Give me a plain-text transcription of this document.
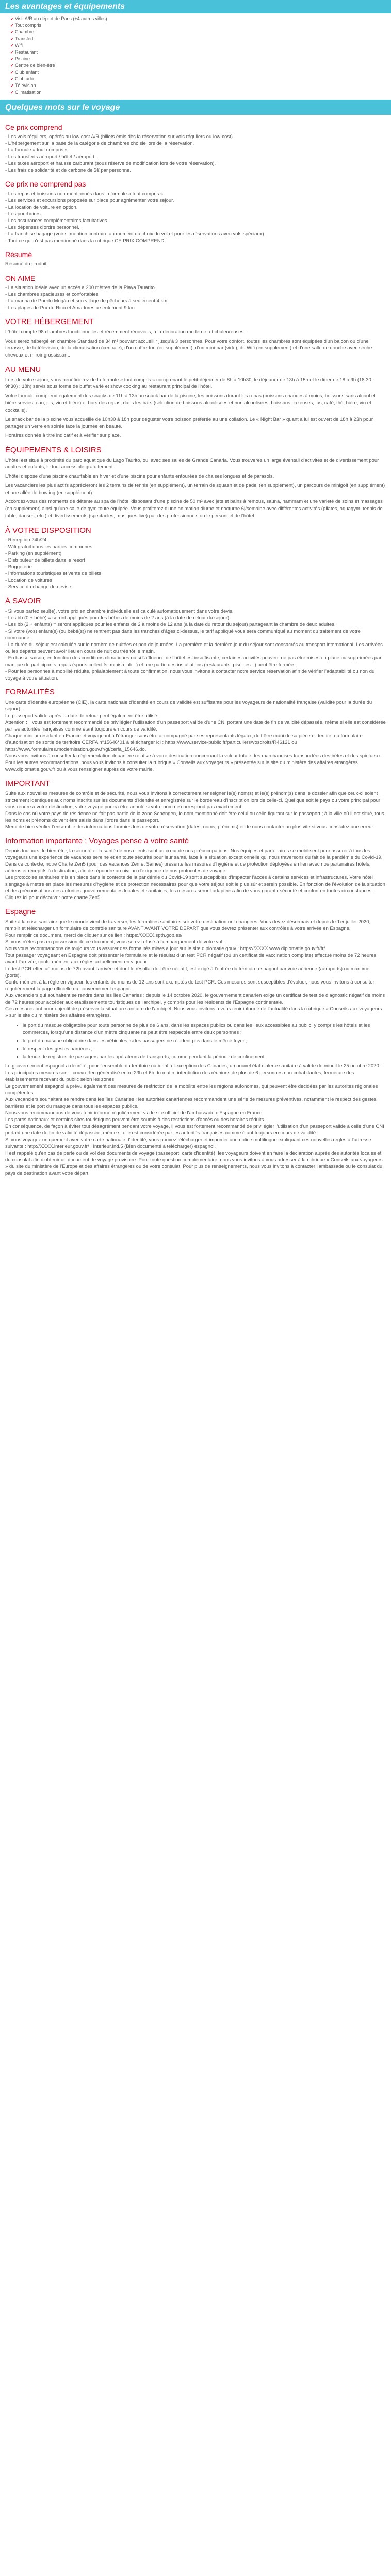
Les avantages et équipements
✔ Visit A/R au départ de Paris (+4 autres villes)
✔ Tout compris
✔ Chambre
✔ Transfert
✔ Wifi
✔ Restaurant
✔ Piscine
✔ Centre de bien-être
✔ Club enfant
✔ Club ado
✔ Télévision
✔ Climatisation
Quelques mots sur le voyage
Ce prix comprend
- Les vols réguliers, opérés au low cost A/R (billets émis dès la réservation sur vols réguliers ou low-cost).
- L'hébergement sur la base de la catégorie de chambres choisie lors de la réservation.
- La formule « tout compris ».
- Les transferts aéroport / hôtel / aéroport.
- Les taxes aéroport et hausse carburant (sous réserve de modification lors de votre réservation).
- Les frais de solidarité et de carbone de 3€ par personne.
Ce prix ne comprend pas
- Les repas et boissons non mentionnés dans la formule « tout compris ».
- Les services et excursions proposés sur place pour agrémenter votre séjour.
- La location de voiture en option.
- Les pourboires.
- Les assurances complémentaires facultatives.
- Les dépenses d'ordre personnel.
- La franchise bagage (voir si mention contraire au moment du choix du vol et pour les réservations avec vols spéciaux).
- Tout ce qui n'est pas mentionné dans la rubrique CE PRIX COMPREND.
Résumé

Résumé du produit

ON AIME
- La situation idéale avec un accès à 200 mètres de la Playa Tauarito.
- Les chambres spacieuses et confortables
- La marina de Puerto Mogán et son village de pêcheurs à seulement 4 km
- Les plages de Puerto Rico et Amadores à seulement 9 km
VOTRE HÉBERGEMENT

L'hôtel compte 98 chambres fonctionnelles et récemment rénovées, à la décoration moderne, et chaleureuses.

Vous serez hébergé en chambre Standard de 34 m² pouvant accueillir jusqu'à 3 personnes. Pour votre confort, toutes les chambres sont équipées d'un balcon ou d'une terrasse, de la télévision, de la climatisation (centrale), d'un coffre-fort (en supplément), d'un mini-bar (vide), du Wifi (en supplément) et d'une salle de douche avec sèche-cheveux et miroir grossissant.

AU MENU

Lors de votre séjour, vous bénéficierez de la formule « tout compris » comprenant le petit-déjeuner de 8h à 10h30, le déjeuner de 13h à 15h et le dîner de 18 à 9h (18:30 - 9h30) ; 18h) servis sous forme de buffet varié et show cooking au restaurant principal de l'hôtel.

Votre formule comprend également des snacks de 11h à 13h au snack bar de la piscine, les boissons durant les repas (boissons chaudes à moins, boissons sans alcool et bière servies, eau, jus, vin et bière) et hors des repas, dans les bars (sélection de boissons alcoolisées et non alcoolisées, boissons gazeuses, jus, café, thé, bière, vin et cocktails).

Le snack bar de la piscine vous accueille de 10h30 à 18h pour déguster votre boisson préférée au une collation. Le « Night Bar » quant à lui est ouvert de 18h à 23h pour partager un verre en soirée face la journée en beauté.

Horaires donnés à titre indicatif et à vérifier sur place.

ÉQUIPEMENTS & LOISIRS

L'hôtel est situé à proximité du parc aquatique du Lago Taurito, oui avec ses salles de Grande Canaria. Vous trouverez un large éventail d'activités et de divertissement pour adultes et enfants, le tout accessible gratuitement.

L'hôtel dispose d'une piscine chauffable en hiver et d'une piscine pour enfants entourées de chaises longues et de parasols.

Les vacanciers les plus actifs apprécieront les 2 terrains de tennis (en supplément), un terrain de squash et de padel (en supplément), un parcours de minigolf (en supplément) et une allée de bowling (en supplément).

Accordez-vous des moments de détente au spa de l'hôtel disposant d'une piscine de 50 m² avec jets et bains à remous, sauna, hammam et une variété de soins et massages (en supplément) ainsi qu'une salle de gym toute équipée. Vous profiterez d'une animation diurne et nocturne 6j/semaine avec différentes activités (pilates, aquagym, tennis de table, danses, etc.) et divertissements (spectacles, musiques live) par des professionnels ou le personnel de l'hôtel.

À VOTRE DISPOSITION
- Réception 24h/24
- Wifi gratuit dans les parties communes
- Parking (en supplément)
- Distributeur de billets dans le resort
- Boggeterie
- Informations touristiques et vente de billets
- Location de voitures
- Service du change de devise
À SAVOIR
- Si vous partez seul(e), votre prix en chambre individuelle est calculé automatiquement dans votre devis.
- Les bb (0 + bébé) = seront appliqués pour les bébés de moins de 2 ans (à la date de retour du séjour).
- Les bb (2 + enfants) = seront appliqués pour les enfants de 2 à moins de 12 ans (à la date du retour du séjour) partageant la chambre de deux adultes.
- Si votre (vos) enfant(s) (ou bébé(s)) ne rentrent pas dans les tranches d'âges ci-dessus, le tarif appliqué vous sera communiqué au moment du traitement de votre commande.
- La durée du séjour est calculée sur le nombre de nuitées et non de journées. La première et la dernière jour du séjour sont consacrés au transport international. Les arrivées ou les départs peuvent avoir lieu en cours de nuit ou très tôt le matin.
- En basse saison, en fonction des conditions climatiques ou si l'affluence de l'hôtel est insuffisante, certaines activités peuvent ne pas être mises en place ou supprimées par manque de participants requis (sports collectifs, minis-club...) et une partie des installations (restaurants, piscines...) peut être fermée.
- Pour les personnes à mobilité réduite, préalablement à toute confirmation, nous vous invitons à contacter notre service réservation afin de vérifier l'adaptabilité ou non du voyage à votre situation.
FORMALITÉS
Une carte d'identité européenne (CIE), la carte nationale d'identité en cours de validité est suffisante pour les voyageurs de nationalité française (validité pour la durée du séjour).
Le passeport valide après la date de retour peut également être utilisé.
Attention : il vous est fortement recommandé de privilégier l'utilisation d'un passeport valide d'une CNI portant une date de fin de validité dépassée, même si elle est considérée par les autorités françaises comme étant toujours en cours de validité.
Chaque mineur résidant en France et voyageant à l'étranger sans être accompagné par ses représentants légaux, doit être muni de sa pièce d'identité, du formulaire d'autorisation de sortie de territoire CERFA n°15646*01 à télécharger ici : https://www.service-public.fr/particuliers/vosdroits/R46121 ou https://www.formulaires.modernisation.gouv.fr/gf/cerfa_15646.do.
Nous vous invitons à consulter la réglementation douanière relative à votre destination concernant la valeur totale des marchandises transportées des bêtes et des spiritueux.
Pour les autres recommandations, nous vous invitons à consulter la rubrique « Conseils aux voyageurs » présentée sur le site du ministère des affaires étrangères www.diplomatie.gouv.fr ou à vous renseigner auprès de votre mairie.
IMPORTANT
Suite aux nouvelles mesures de contrôle et de sécurité, nous vous invitons à correctement renseigner le(s) nom(s) et le(s) prénom(s) dans le dossier afin que ceux-ci soient strictement identiques aux noms inscrits sur les documents d'identité et enregistrés sur le bordereau d'inscription lors de celle-ci. Quel que soit le pays ou votre principal pour vous rendre à votre destination, votre voyage pourra être annulé si votre nom ne correspond pas exactement.
Dans le cas où votre pays de résidence ne fait pas partie de la zone Schengen, le nom mentionné doit être celui ou celle figurant sur le passeport ; à la ville où il est situé, tous les noms et prénoms doivent être saisis dans l'ordre dans le passeport.
Merci de bien vérifier l'ensemble des informations fournies lors de votre réservation (dates, noms, prénoms) et de nous contacter au plus vite si vous constatez une erreur.
Information importante : Voyages pense à votre santé
Depuis toujours, le bien-être, la sécurité et la santé de nos clients sont au cœur de nos préoccupations. Nos équipes et partenaires se mobilisent pour assurer à tous les voyageurs une expérience de vacances sereine et en toute sécurité pour leur santé, face à la situation exceptionnelle qui nous traversons du fait de la pandémie du Covid-19.
Dans ce contexte, notre Charte Zen5 (pour des vacances Zen et Saines) présente les mesures d'hygiène et de protection déployées en lien avec nos partenaires hôtels, aériens et réceptifs à destination, afin de répondre au niveau d'exigence de nos protocoles de voyage.
Les protocoles sanitaires mis en place dans le contexte de la pandémie du Covid-19 sont susceptibles d'impacter l'accès à certains services et infrastructures. Votre hôtel s'engage à mettre en place les mesures d'hygiène et de protection nécessaires pour que votre séjour soit le plus sûr et serein possible. En fonction de l'évolution de la situation et des préconisations des autorités gouvernementales locales et sanitaires, les mesures seront adaptées afin de vous garantir sécurité et confort en toutes circonstances.
Cliquez ici pour découvrir notre charte Zen5
Espagne
Suite à la crise sanitaire que le monde vient de traverser, les formalités sanitaires sur votre destination ont changées. Vous devez désormais et depuis le 1er juillet 2020, remplir et télécharger un formulaire de contrôle sanitaire AVANT AVANT VOTRE DÉPART que vous devrez présenter aux contrôles à votre arrivée en Espagne.
Pour remplir ce document, merci de cliquer sur ce lien : https://XXXX.spth.gob.es/
Si vous n'êtes pas en possession de ce document, vous serez refusé à l'embarquement de votre vol.
Nous vous recommandons de toujours vous assurer des formalités mises à jour sur le site diplomatie.gouv : https://XXXX.www.diplomatie.gouv.fr/fr/
Tout passager voyageant en Espagne doit présenter le formulaire et le résultat d'un test PCR négatif (ou un certificat de vaccination complète) effectué moins de 72 heures avant l'arrivée, conformément aux règles actuellement en vigueur.
Le test PCR effectué moins de 72h avant l'arrivée et dont le résultat doit être négatif, est exigé à l'entrée du territoire espagnol par voie aérienne (aéroports) ou maritime (ports).
Conformément à la règle en vigueur, les enfants de moins de 12 ans sont exemptés de test PCR. Ces mesures sont susceptibles d'évoluer, nous vous invitons à consulter régulièrement la page officielle du gouvernement espagnol.
Aux vacanciers qui souhaitent se rendre dans les îles Canaries : depuis le 14 octobre 2020, le gouvernement canarien exige un certificat de test de diagnostic négatif de moins de 72 heures pour accéder aux établissements touristiques de l'archipel, y compris pour les résidents de l'Espagne continentale.
Ces mesures ont pour objectif de préserver la situation sanitaire de l'archipel. Nous vous invitons à vous tenir informé de l'actualité dans la rubrique « Conseils aux voyageurs » sur le site du ministère des affaires étrangères.
• le port du masque obligatoire pour toute personne de plus de 6 ans, dans les espaces publics ou dans les lieux accessibles au public, y compris les hôtels et les commerces, lorsqu'une distance d'un mètre cinquante ne peut être respectée entre deux personnes ;
• le port du masque obligatoire dans les véhicules, si les passagers ne résident pas dans le même foyer ;
• le respect des gestes barrières ;
• la tenue de registres de passagers par les opérateurs de transports, comme pendant la période de confinement.
Le gouvernement espagnol a décrété, pour l'ensemble du territoire national à l'exception des Canaries, un nouvel état d'alerte sanitaire à valide de minuit le 25 octobre 2020. Les principales mesures sont : couvre-feu généralisé entre 23h et 6h du matin, interdiction des réunions de plus de 6 personnes non cohabitantes, fermeture des établissements recevant du public selon les zones.
Le gouvernement espagnol a prévu également des mesures de restriction de la mobilité entre les régions autonomes, qui peuvent être décidées par les autorités régionales compétentes.
Aux vacanciers souhaitant se rendre dans les îles Canaries : les autorités canariennes recommandent une série de mesures préventives, notamment le respect des gestes barrières et le port du masque dans tous les espaces publics.
Nous vous recommandons de vous tenir informé régulièrement via le site officiel de l'ambassade d'Espagne en France.
Les parcs nationaux et certains sites touristiques peuvent être soumis à des restrictions d'accès ou des horaires réduits.
En conséquence, de façon à éviter tout désagrément pendant votre voyage, il vous est fortement recommandé de privilégier l'utilisation d'un passeport valide à celle d'une CNI portant une date de fin de validité dépassée, même si elle est considérée par les autorités françaises comme étant toujours en cours de validité.
Si vous voyagez uniquement avec votre carte nationale d'identité, vous pouvez télécharger et imprimer une notice multilingue expliquant ces nouvelles règles à l'adresse suivante : http://XXXX.interieur.gouv.fr/ ; Interieur.Ind.5 (Bien documenté à télécharger) espagnol.
Il est rappelé qu'en cas de perte ou de vol des documents de voyage (passeport, carte d'identité), les voyageurs doivent en faire la déclaration auprès des autorités locales et du consulat afin d'obtenir un document de voyage provisoire. Pour toute question complémentaire, nous vous invitons à vous adresser à la rubrique « Conseils aux voyageurs » du site du ministère de l'Europe et des affaires étrangères ou de votre consulat. Pour plus de renseignements, nous vous invitons à contacter l'ambassade ou le consulat du pays de destination avant votre départ.
